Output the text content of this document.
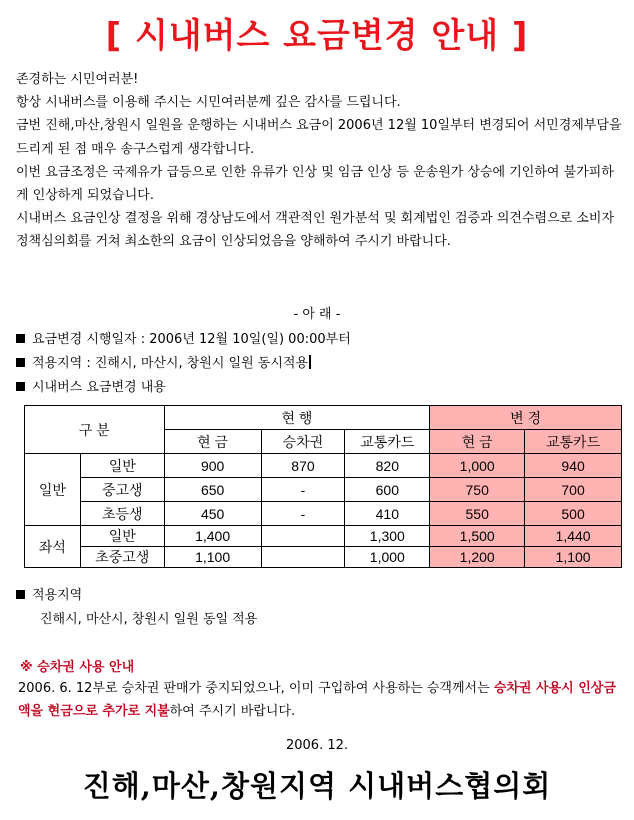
[ 시내버스 요금변경 안내 ]

존경하는 시민여러분!

항상 시내버스를 이용해 주시는 시민여러분께 깊은 감사를 드립니다.

금번 진해,마산,창원시 일원을 운행하는 시내버스 요금이 2006년 12월 10일부터 변경되어 서민경제부담을 드리게 된 점 매우 송구스럽게 생각합니다.

이번 요금조정은 국제유가 급등으로 인한 유류가 인상 및 임금 인상 등 운송원가 상승에 기인하여 불가피하게 인상하게 되었습니다.

시내버스 요금인상 결정을 위해 경상남도에서 객관적인 원가분석 및 회계법인 검증과 의견수렴으로 소비자정책심의회를 거쳐 최소한의 요금이 인상되었음을 양해하여 주시기 바랍니다.

- 아 래 -
요금변경 시행일자 : 2006년 12월 10일(일) 00:00부터
적용지역 : 진해시, 마산시, 창원시 일원 동시적용
시내버스 요금변경 내용
구 분		현 행			변 경	
		현 금	승차권	교통카드	현 금	교통카드
일반	일반	900	870	820	1,000	940
	중고생	650	-	600	750	700
	초등생	450	-	410	550	500
좌석	일반	1,400		1,300	1,500	1,440
	초중고생	1,100		1,000	1,200	1,100
적용지역
진해시, 마산시, 창원시 일원 동일 적용
※ 승차권 사용 안내
2006. 6. 12부로 승차권 판매가 중지되었으나, 이미 구입하여 사용하는 승객께서는 승차권 사용시 인상금액을 현금으로 추가로 지불하여 주시기 바랍니다.
2006. 12.
진해,마산,창원지역 시내버스협의회
